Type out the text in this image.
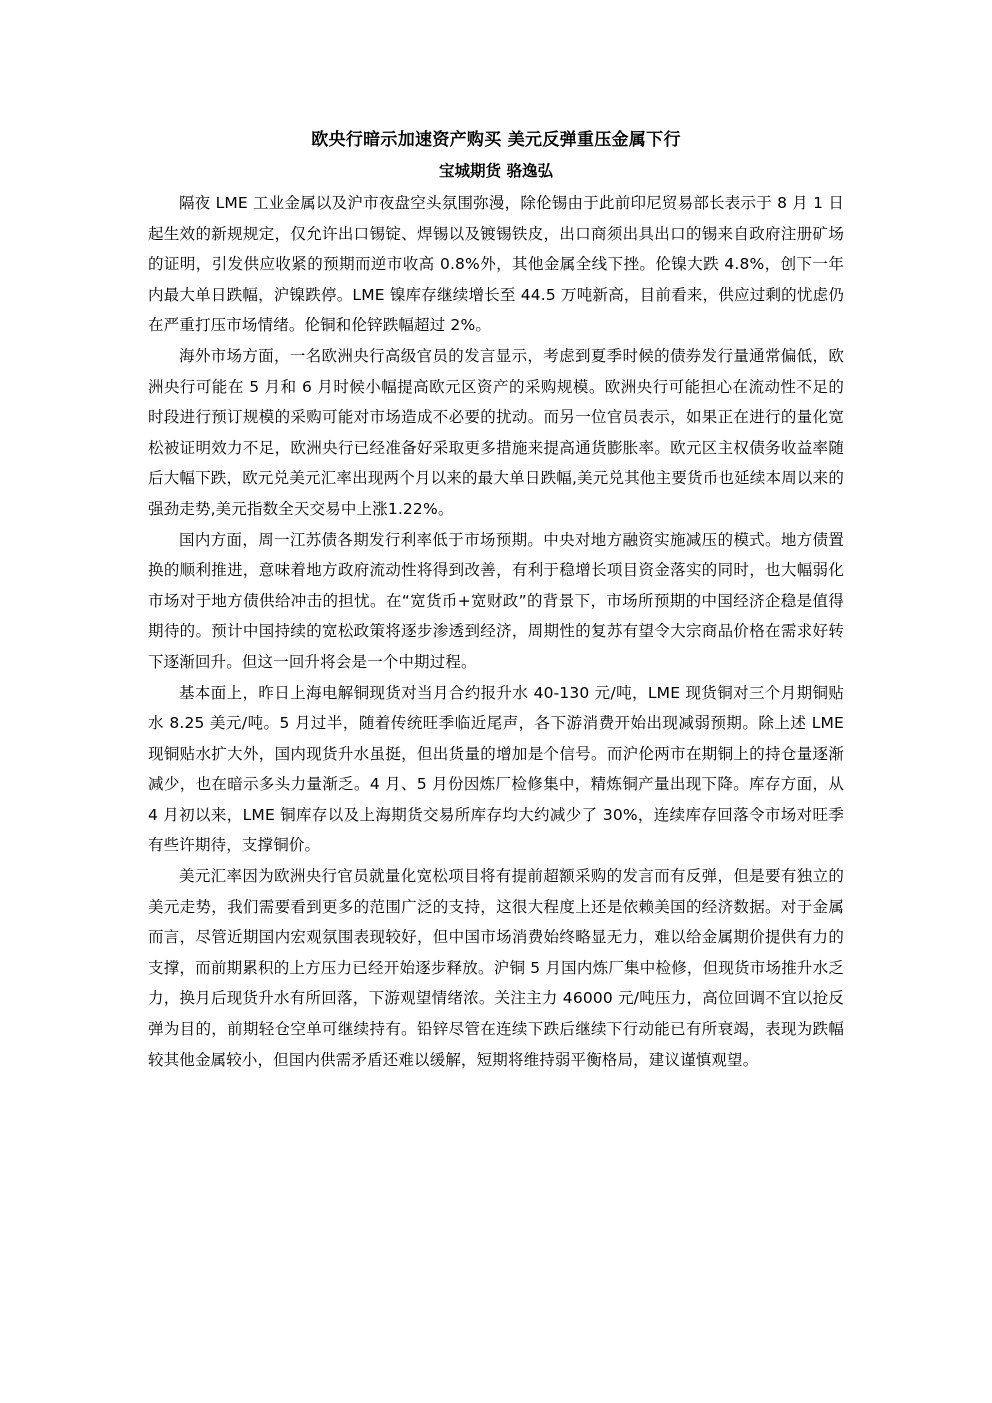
欧央行暗示加速资产购买 美元反弹重压金属下行
宝城期货 骆逸弘

隔夜 LME 工业金属以及沪市夜盘空头氛围弥漫，除伦锡由于此前印尼贸易部长表示于 8 月 1 日起生效的新规规定，仅允许出口锡锭、焊锡以及镀锡铁皮，出口商须出具出口的锡来自政府注册矿场的证明，引发供应收紧的预期而逆市收高 0.8%外，其他金属全线下挫。伦镍大跌 4.8%，创下一年内最大单日跌幅，沪镍跌停。LME 镍库存继续增长至 44.5 万吨新高，目前看来，供应过剩的忧虑仍在严重打压市场情绪。伦铜和伦锌跌幅超过 2%。

海外市场方面，一名欧洲央行高级官员的发言显示，考虑到夏季时候的债券发行量通常偏低，欧洲央行可能在 5 月和 6 月时候小幅提高欧元区资产的采购规模。欧洲央行可能担心在流动性不足的时段进行预订规模的采购可能对市场造成不必要的扰动。而另一位官员表示，如果正在进行的量化宽松被证明效力不足，欧洲央行已经准备好采取更多措施来提高通货膨胀率。欧元区主权债务收益率随后大幅下跌，欧元兑美元汇率出现两个月以来的最大单日跌幅,美元兑其他主要货币也延续本周以来的强劲走势,美元指数全天交易中上涨1.22%。

国内方面，周一江苏债各期发行利率低于市场预期。中央对地方融资实施减压的模式。地方债置换的顺利推进，意味着地方政府流动性将得到改善，有利于稳增长项目资金落实的同时，也大幅弱化市场对于地方债供给冲击的担忧。在“宽货币+宽财政”的背景下，市场所预期的中国经济企稳是值得期待的。预计中国持续的宽松政策将逐步渗透到经济，周期性的复苏有望令大宗商品价格在需求好转下逐渐回升。但这一回升将会是一个中期过程。

基本面上，昨日上海电解铜现货对当月合约报升水 40-130 元/吨，LME 现货铜对三个月期铜贴水 8.25 美元/吨。5 月过半，随着传统旺季临近尾声，各下游消费开始出现减弱预期。除上述 LME 现铜贴水扩大外，国内现货升水虽挺，但出货量的增加是个信号。而沪伦两市在期铜上的持仓量逐渐减少，也在暗示多头力量渐乏。4 月、5 月份因炼厂检修集中，精炼铜产量出现下降。库存方面，从 4 月初以来，LME 铜库存以及上海期货交易所库存均大约减少了 30%，连续库存回落令市场对旺季有些许期待，支撑铜价。

美元汇率因为欧洲央行官员就量化宽松项目将有提前超额采购的发言而有反弹，但是要有独立的美元走势，我们需要看到更多的范围广泛的支持，这很大程度上还是依赖美国的经济数据。对于金属而言，尽管近期国内宏观氛围表现较好，但中国市场消费始终略显无力，难以给金属期价提供有力的支撑，而前期累积的上方压力已经开始逐步释放。沪铜 5 月国内炼厂集中检修，但现货市场推升水乏力，换月后现货升水有所回落，下游观望情绪浓。关注主力 46000 元/吨压力，高位回调不宜以抢反弹为目的，前期轻仓空单可继续持有。铅锌尽管在连续下跌后继续下行动能已有所衰竭，表现为跌幅较其他金属较小，但国内供需矛盾还难以缓解，短期将维持弱平衡格局，建议谨慎观望。
